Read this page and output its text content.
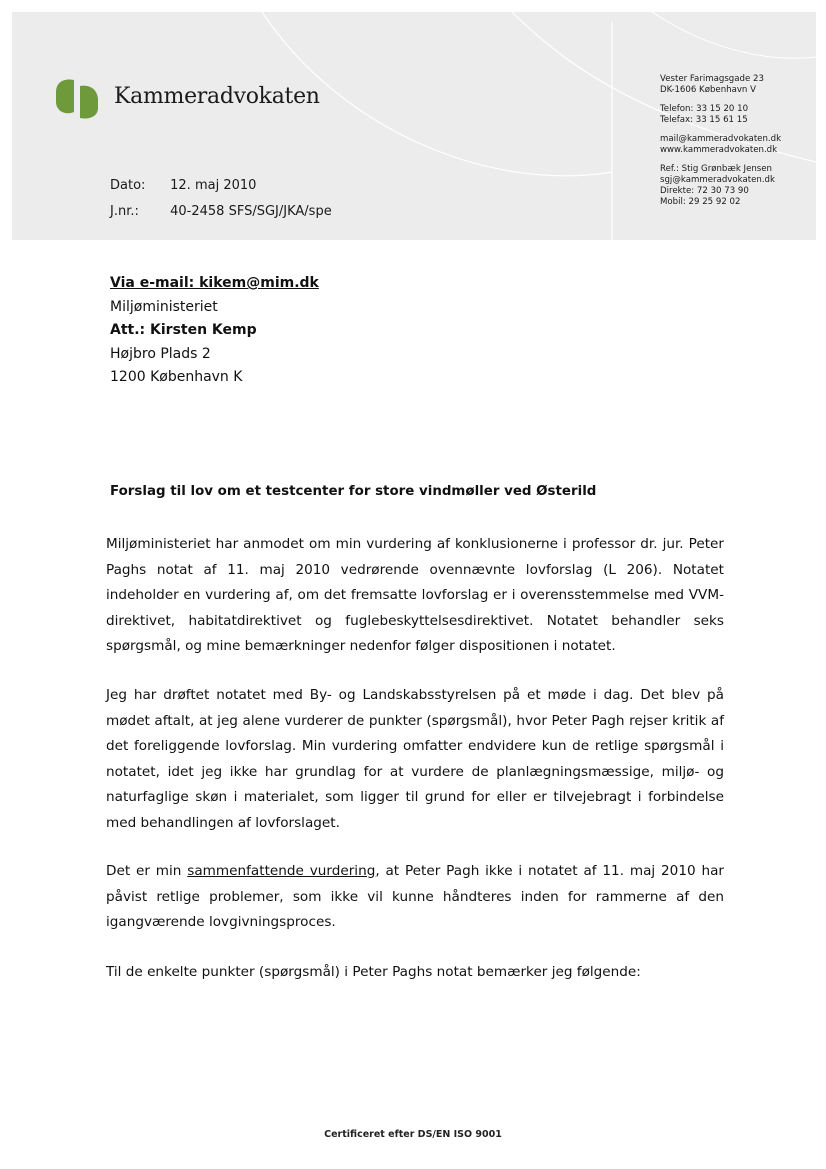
Kammeradvokaten
Dato: 12. maj 2010
J.nr.: 40-2458 SFS/SGJ/JKA/spe
Vester Farimagsgade 23
DK-1606 København V
Telefon: 33 15 20 10
Telefax: 33 15 61 15
mail@kammeradvokaten.dk
www.kammeradvokaten.dk
Ref.: Stig Grønbæk Jensen
sgj@kammeradvokaten.dk
Direkte: 72 30 73 90
Mobil: 29 25 92 02
Via e-mail: kikem@mim.dk
Miljøministeriet
Att.: Kirsten Kemp
Højbro Plads 2
1200 København K
Forslag til lov om et testcenter for store vindmøller ved Østerild
Miljøministeriet har anmodet om min vurdering af konklusionerne i professor dr. jur. Peter Paghs notat af 11. maj 2010 vedrørende ovennævnte lovforslag (L 206). Notatet indeholder en vurdering af, om det fremsatte lovforslag er i overensstemmelse med VVM-direktivet, habitatdirektivet og fuglebeskyttelsesdirektivet. Notatet behandler seks spørgsmål, og mine bemærkninger nedenfor følger dispositionen i notatet.
Jeg har drøftet notatet med By- og Landskabsstyrelsen på et møde i dag. Det blev på mødet aftalt, at jeg alene vurderer de punkter (spørgsmål), hvor Peter Pagh rejser kritik af det foreliggende lovforslag. Min vurdering omfatter endvidere kun de retlige spørgsmål i notatet, idet jeg ikke har grundlag for at vurdere de planlægningsmæssige, miljø- og naturfaglige skøn i materialet, som ligger til grund for eller er tilvejebragt i forbindelse med behandlingen af lovforslaget.
Det er min sammenfattende vurdering, at Peter Pagh ikke i notatet af 11. maj 2010 har påvist retlige problemer, som ikke vil kunne håndteres inden for rammerne af den igangværende lovgivningsproces.
Til de enkelte punkter (spørgsmål) i Peter Paghs notat bemærker jeg følgende:
Certificeret efter DS/EN ISO 9001
